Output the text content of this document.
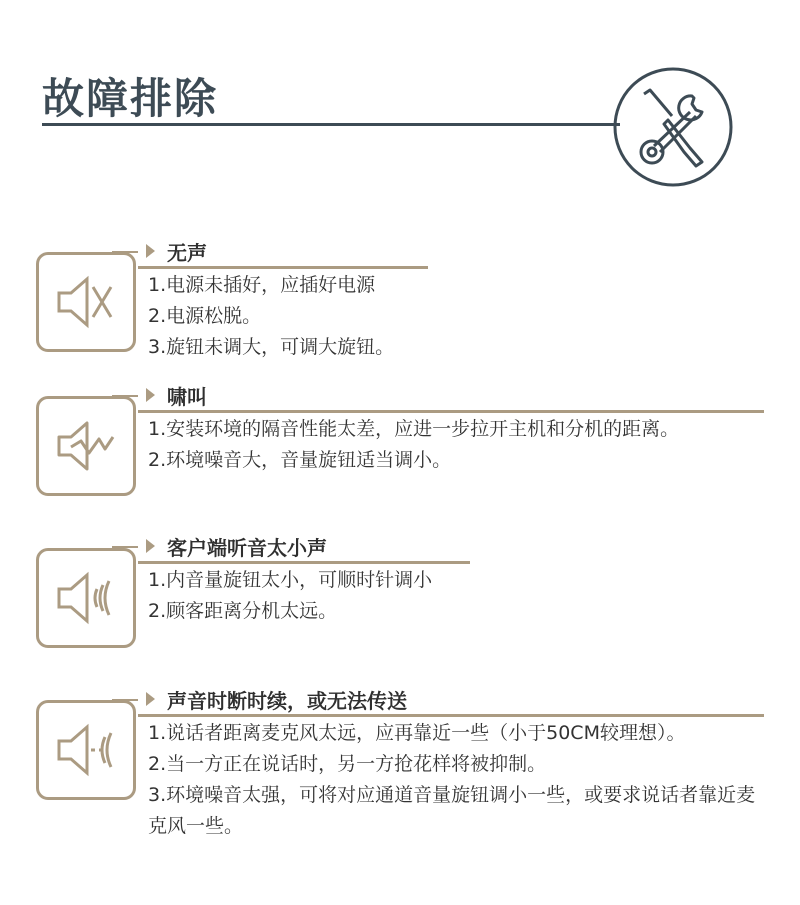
故障排除
无声
1.电源未插好，应插好电源
2.电源松脱。
3.旋钮未调大，可调大旋钮。
啸叫
1.安装环境的隔音性能太差，应进一步拉开主机和分机的距离。
2.环境噪音大，音量旋钮适当调小。
客户端听音太小声
1.内音量旋钮太小，可顺时针调小
2.顾客距离分机太远。
声音时断时续，或无法传送
1.说话者距离麦克风太远，应再靠近一些（小于50CM较理想）。
2.当一方正在说话时，另一方抢花样将被抑制。
3.环境噪音太强，可将对应通道音量旋钮调小一些，或要求说话者靠近麦克风一些。
